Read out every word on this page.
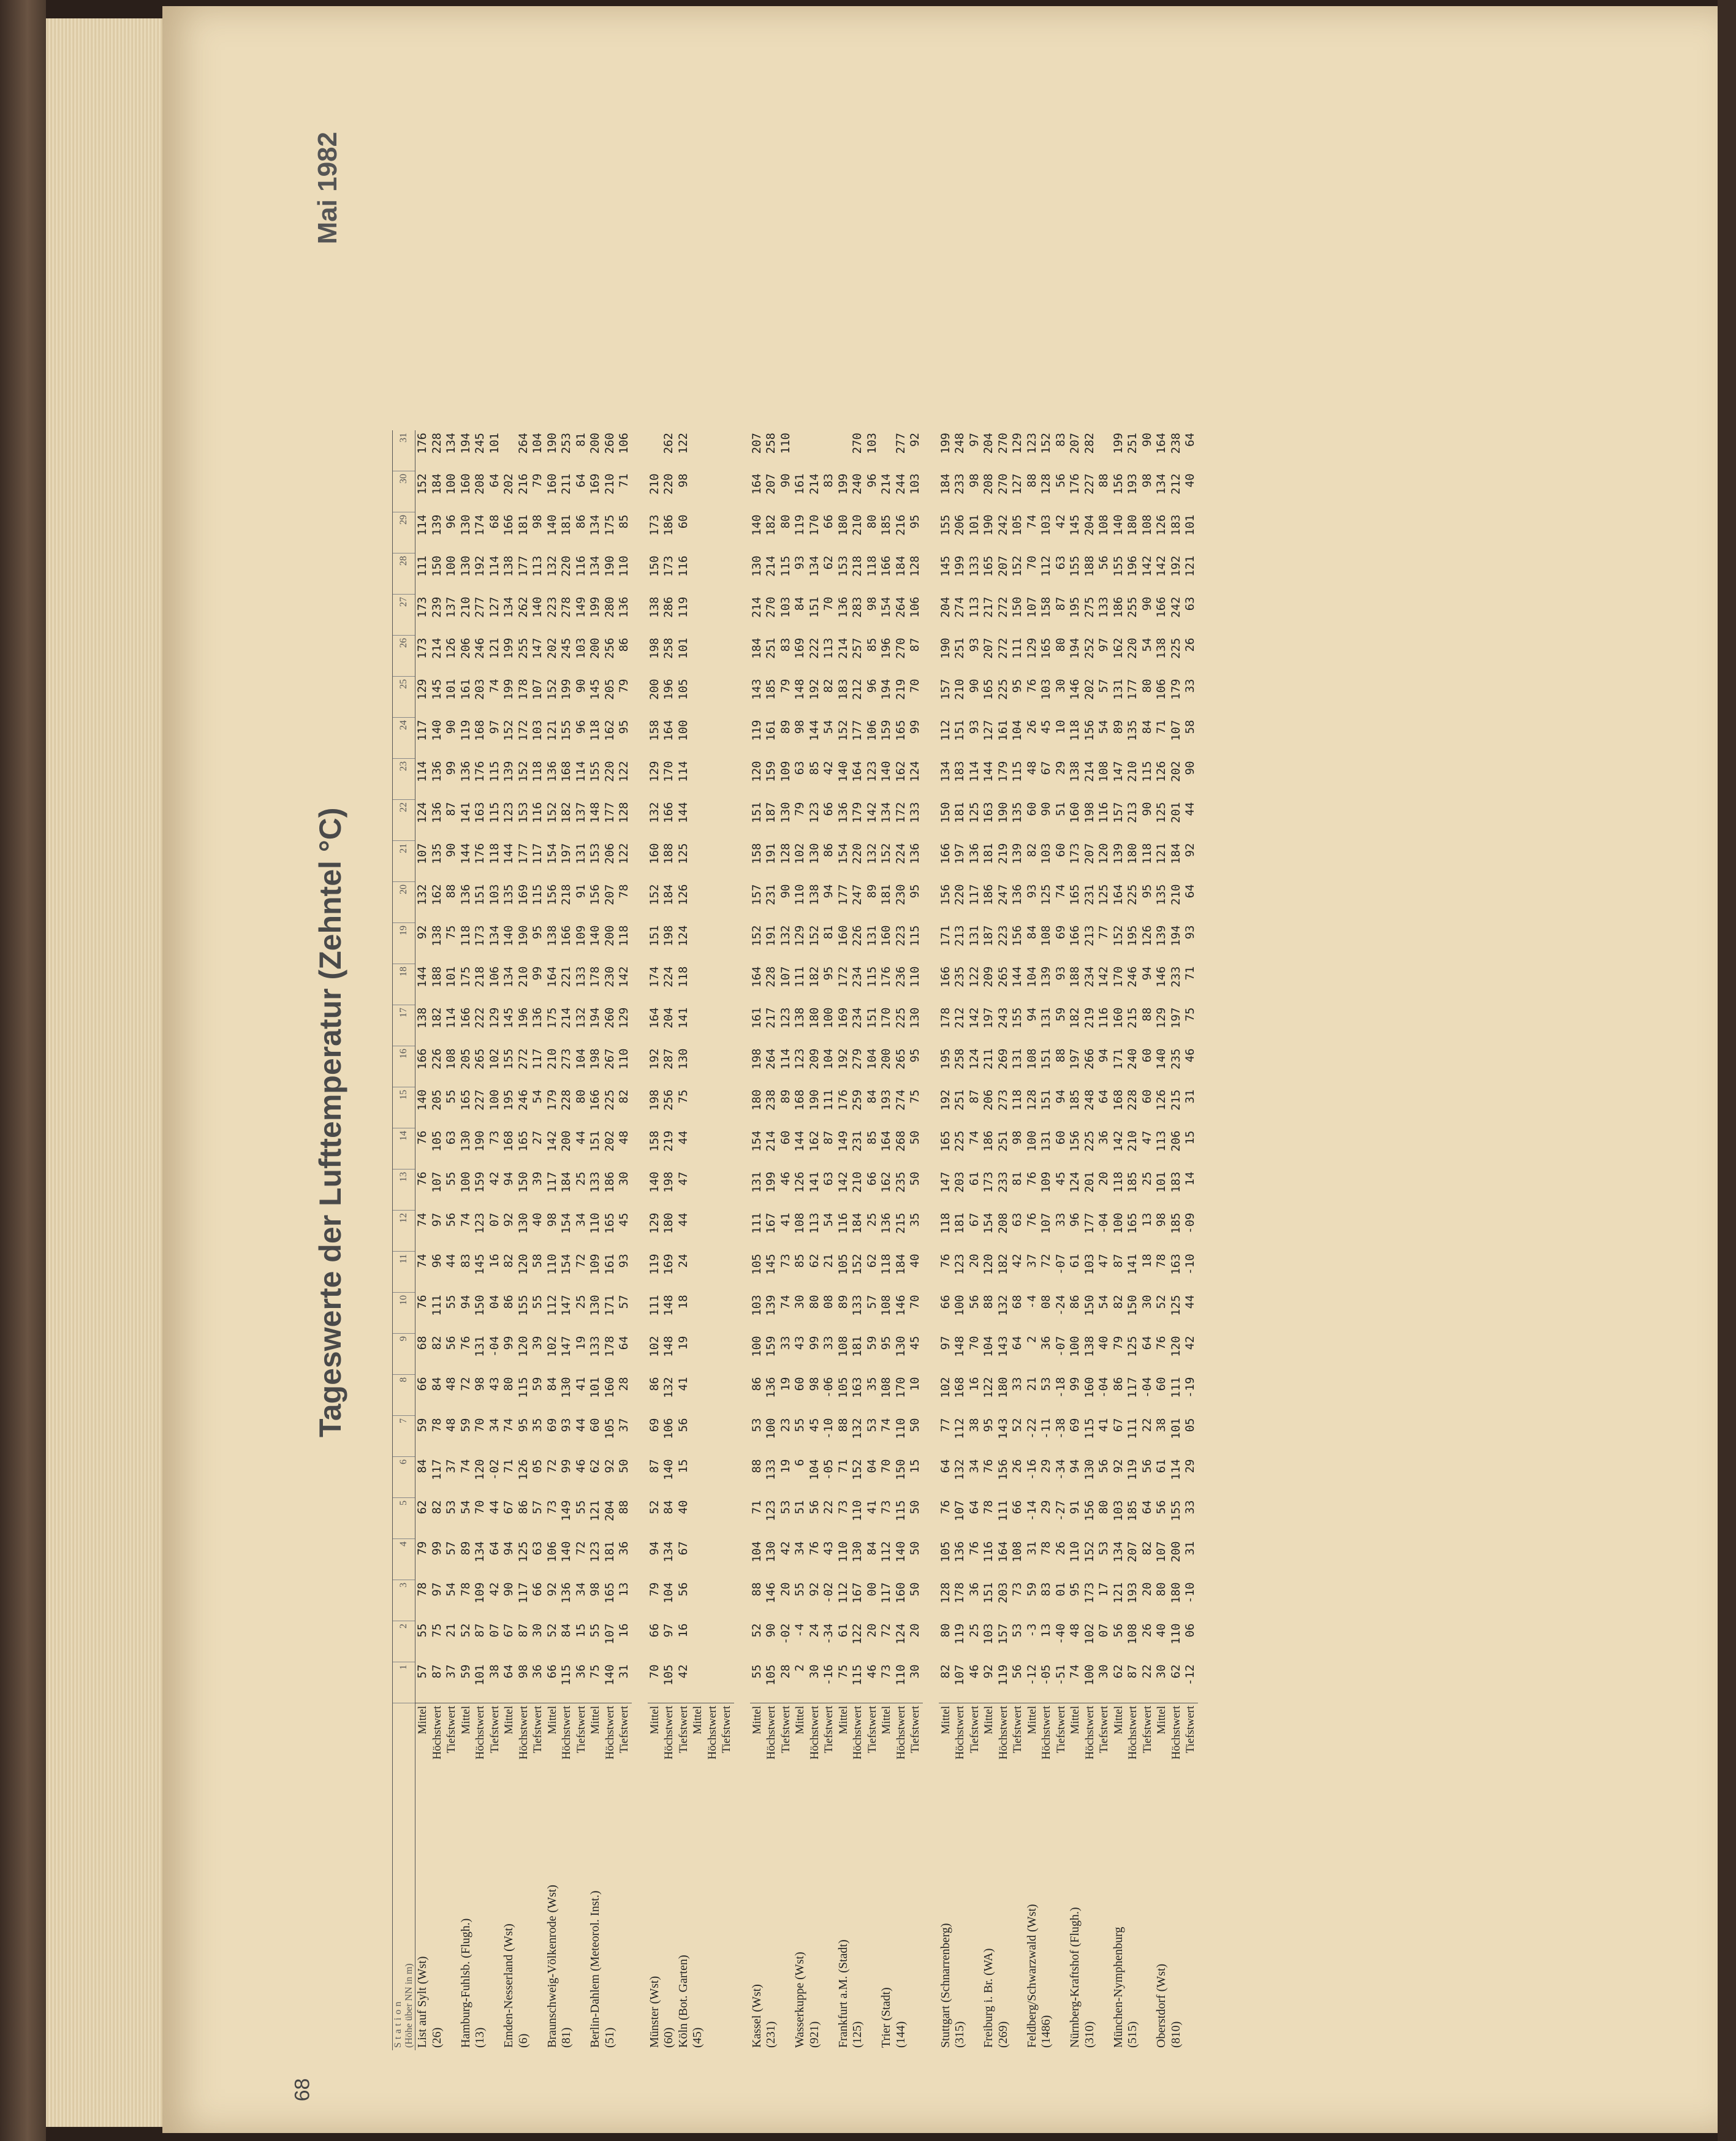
68
Tageswerte der Lufttemperatur (Zehntel °C)
Mai 1982
Station (Höhe über NN in m)		1	2	3	4	5	6	7	8	9	10	11	12	13	14	15	16	17	18	19	20	21	22	23	24	25	26	27	28	29	30	31
List auf Sylt (Wst)	Mittel	57	55	78	79	62	84	59	66	68	76	74	74	76	76	140	166	138	144	92	132	107	124	114	117	129	173	173	111	114	152	176
(26)	Höchstwert	87	75	97	99	82	117	78	84	82	111	96	97	107	105	205	226	182	188	138	162	135	136	136	140	145	214	239	150	139	184	228
	Tiefstwert	37	21	54	57	53	37	48	48	56	55	44	56	55	63	55	108	114	101	75	88	90	87	99	90	101	126	137	100	96	100	134
Hamburg-Fuhlsb. (Flugh.)	Mittel	59	52	78	89	54	74	59	72	76	94	83	74	100	130	165	205	166	175	118	136	144	141	136	119	161	206	210	130	130	160	194
(13)	Höchstwert	101	87	109	134	70	120	70	98	131	150	145	123	159	190	227	265	222	218	173	151	176	163	176	168	203	246	277	192	174	208	245
	Tiefstwert	38	07	42	64	44	-02	34	43	-04	04	16	07	42	73	100	102	129	106	134	103	118	115	115	97	74	121	127	114	68	64	101
Emden-Nesserland (Wst)	Mittel	64	67	90	94	67	71	74	80	99	86	82	92	94	168	195	155	145	134	140	135	144	123	139	152	199	199	134	138	166	202	
(6)	Höchstwert	98	87	117	125	86	126	95	115	120	155	120	130	150	165	246	272	196	210	190	169	177	153	152	172	178	255	262	177	181	216	264
	Tiefstwert	36	30	66	63	57	05	35	59	39	55	58	40	39	27	54	117	136	99	95	115	117	116	118	103	107	147	140	113	98	79	104
Braunschweig-Völkenrode (Wst)	Mittel	66	52	92	106	73	72	69	84	102	112	110	98	117	142	179	210	175	164	138	156	154	152	136	121	152	202	223	132	140	160	190
(81)	Höchstwert	115	84	136	140	149	99	93	130	147	147	154	154	184	200	228	273	214	221	166	218	197	182	168	155	199	245	278	220	181	211	253
	Tiefstwert	36	15	34	72	55	46	44	41	19	25	72	34	25	44	80	104	132	133	109	91	131	137	114	96	90	103	149	116	86	64	81
Berlin-Dahlem (Meteorol. Inst.)	Mittel	75	55	98	123	121	62	60	101	133	130	109	110	133	151	166	198	194	178	140	156	153	148	155	118	145	200	199	134	134	169	200
(51)	Höchstwert	140	107	165	181	204	92	105	160	178	171	161	165	186	202	225	267	260	230	200	207	206	177	220	162	205	256	280	190	175	210	260
	Tiefstwert	31	16	13	36	88	50	37	28	64	57	93	45	30	48	82	110	129	142	118	78	122	128	122	95	79	86	136	110	85	71	106

Münster (Wst)	Mittel	70	66	79	94	52	87	69	86	102	111	119	129	140	158	198	192	164	174	151	152	160	132	129	158	200	198	138	150	173	210	
(60)	Höchstwert	105	97	104	134	84	140	106	132	148	148	169	180	198	219	256	287	204	224	198	184	188	166	170	164	196	258	286	173	186	220	262
Köln (Bot. Garten)	Tiefstwert	42	16	56	67	40	15	56	41	19	18	24	44	47	44	75	130	141	118	124	126	125	144	114	100	105	101	119	116	60	98	122
(45)	Mittel																															
	Höchstwert																															
	Tiefstwert																															

Kassel (Wst)	Mittel	55	52	88	104	71	88	53	86	100	103	105	111	131	154	180	198	161	164	152	157	158	151	120	119	143	184	214	130	140	164	207
(231)	Höchstwert	105	90	146	130	123	133	100	136	159	139	145	167	199	214	238	264	217	228	191	231	191	187	159	161	185	251	270	214	182	207	258
	Tiefstwert	28	-02	20	42	53	19	23	19	33	74	73	41	46	60	89	114	123	107	132	90	128	130	109	89	79	83	103	115	80	90	110
Wasserkuppe (Wst)	Mittel	2	-4	55	34	51	6	55	60	43	30	85	108	126	144	168	123	138	111	129	110	102	79	63	98	148	169	84	93	119	161	
(921)	Höchstwert	30	24	92	76	56	104	45	98	99	80	62	113	141	162	190	209	180	182	152	138	130	123	85	144	192	222	151	134	170	214	
	Tiefstwert	-16	-34	-02	43	22	-05	-10	-06	33	08	21	54	63	87	111	104	100	95	81	94	86	66	42	54	82	113	70	62	66	83	
Frankfurt a.M. (Stadt)	Mittel	75	61	112	110	73	71	88	105	108	89	105	116	142	149	176	192	169	172	160	177	154	136	140	152	183	214	136	153	180	199	
(125)	Höchstwert	115	122	167	130	110	152	132	163	181	133	152	184	210	231	259	279	234	234	226	247	220	179	164	177	212	257	283	218	210	240	270
	Tiefstwert	46	20	00	84	41	04	53	35	59	57	62	25	66	85	84	104	151	115	131	89	132	142	123	106	96	85	98	118	80	96	103
Trier (Stadt)	Mittel	73	72	117	112	73	70	74	108	95	108	118	136	162	164	193	200	170	176	160	181	152	134	140	159	194	196	154	166	185	214	
(144)	Höchstwert	110	124	160	140	115	150	110	170	130	146	184	215	235	268	274	265	225	236	223	230	224	172	162	165	219	270	264	184	216	244	277
	Tiefstwert	30	20	50	50	50	15	50	10	45	70	40	35	50	50	75	95	130	110	115	95	136	133	124	99	70	87	106	128	95	103	92

Stuttgart (Schnarrenberg)	Mittel	82	80	128	105	76	64	77	102	97	66	76	118	147	165	192	195	178	166	171	156	166	150	134	112	157	190	204	145	155	184	199
(315)	Höchstwert	107	119	178	136	107	132	112	168	148	100	123	181	203	225	251	258	212	235	213	220	197	181	183	151	210	251	274	199	206	233	248
	Tiefstwert	46	25	36	76	64	34	38	16	70	56	20	67	61	74	87	124	142	122	131	117	136	125	114	93	90	93	113	133	101	98	97
Freiburg i. Br. (WA)	Mittel	92	103	151	116	78	76	95	122	104	88	120	154	173	186	206	211	197	209	187	186	181	163	144	127	165	207	217	165	190	208	204
(269)	Höchstwert	119	157	203	164	111	156	143	180	143	132	182	208	233	251	273	269	243	265	223	247	219	190	179	161	225	272	272	207	242	270	270
	Tiefstwert	56	53	73	108	66	26	52	33	64	68	42	63	81	98	118	131	155	144	156	136	139	135	115	104	95	111	150	152	105	127	129
Feldberg/Schwarzwald (Wst)	Mittel	-12	-3	59	31	-14	-16	-22	21	2	-4	37	76	76	100	128	108	94	104	84	93	82	60	48	26	76	129	107	70	74	88	123
(1486)	Höchstwert	-05	13	83	78	29	29	-11	53	36	08	72	107	109	131	151	151	131	139	108	125	103	90	67	45	103	165	158	112	103	128	152
	Tiefstwert	-51	-40	01	26	-27	-34	-38	-18	-07	-24	-07	33	45	60	94	88	59	93	69	74	60	51	29	10	30	80	87	63	42	56	83
Nürnberg-Kraftshof (Flugh.)	Mittel	74	48	95	110	91	94	69	99	100	86	61	96	124	156	185	197	182	188	166	165	173	160	138	118	146	194	195	155	145	176	207
(310)	Höchstwert	100	102	173	152	156	130	115	160	138	150	103	177	201	225	248	266	219	234	213	231	207	198	214	156	202	252	275	188	204	227	282
	Tiefstwert	30	07	17	53	80	56	41	-04	40	54	47	-04	20	36	64	94	116	142	77	125	120	116	108	54	57	97	133	56	108	88	
München-Nymphenburg	Mittel	62	56	121	134	103	92	67	86	79	82	87	100	118	142	168	171	160	170	152	164	139	157	147	89	131	162	186	155	140	156	199
(515)	Höchstwert	87	108	193	207	185	119	111	117	125	150	141	165	185	210	228	240	215	246	195	225	180	213	210	135	177	220	255	196	180	193	251
	Tiefstwert	22	26	20	82	64	56	22	-04	64	30	18	13	25	47	60	60	88	94	126	95	118	90	115	84	80	54	90	142	108	98	90
Oberstdorf (Wst)	Mittel	30	40	80	107	56	61	38	60	76	52	78	98	101	113	126	140	129	146	139	135	121	125	126	71	106	138	166	142	126	134	164
(810)	Höchstwert	62	110	180	200	155	114	101	111	120	125	163	185	183	206	215	235	197	233	194	210	184	201	202	107	179	225	242	192	183	212	238
	Tiefstwert	-12	06	-10	31	33	29	05	-19	42	44	-10	-09	14	15	31	46	75	71	93	64	92	44	90	58	33	26	63	121	101	40	64
